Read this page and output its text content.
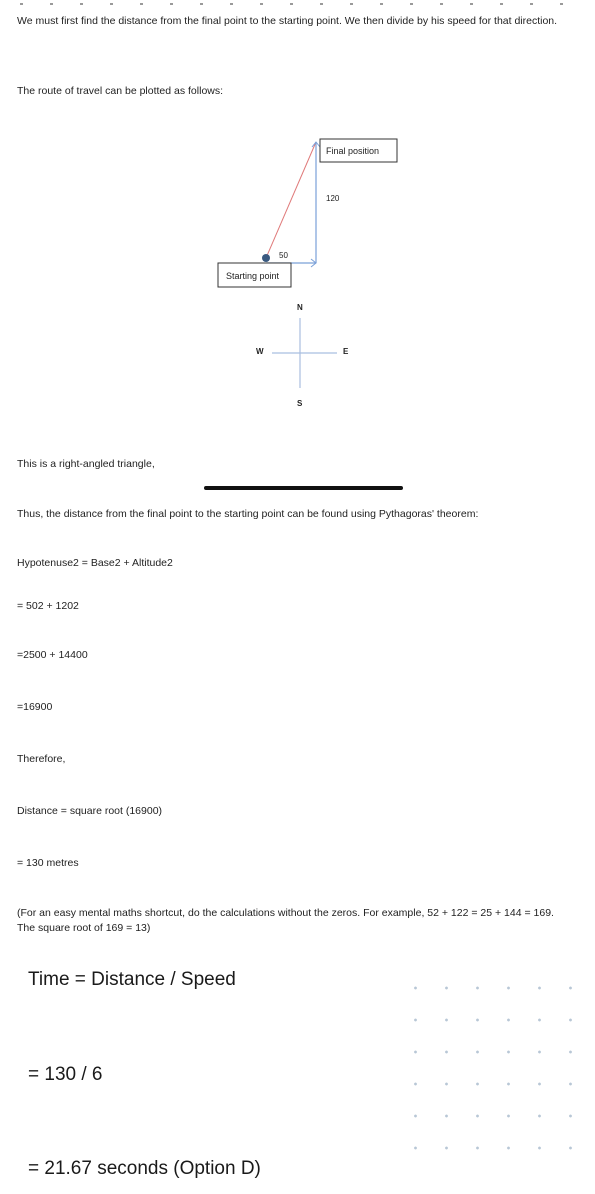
We must first find the distance from the final point to the starting point. We then divide by his speed for that direction.

The route of travel can be plotted as follows:

Final position
Starting point
50
120
N
S
W	E

This is a right-angled triangle,

Thus, the distance from the final point to the starting point can be found using Pythagoras' theorem:

Hypotenuse2 = Base2 + Altitude2

= 502 + 1202

=2500 + 14400

=16900

Therefore,

Distance = square root (16900)

= 130 metres

(For an easy mental maths shortcut, do the calculations without the zeros. For example, 52 + 122 = 25 + 144 = 169. The square root of 169 = 13)

Time = Distance / Speed

= 130 / 6

= 21.67 seconds (Option D)
